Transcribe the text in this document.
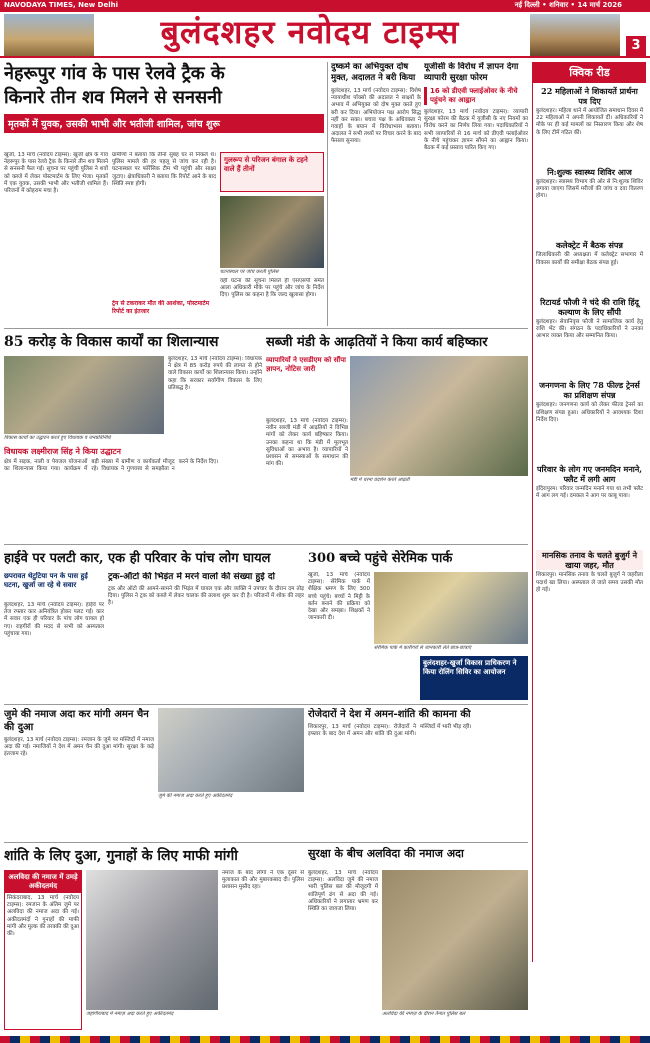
NAVODAYA TIMES, New Delhi	नई दिल्ली • शनिवार • 14 मार्च 2026
बुलंदशहर नवोदय टाइम्स	3
नेहरूपुर गांव के पास रेलवे ट्रैक के
किनारे तीन शव मिलने से सनसनी
मृतकों में युवक, उसकी भाभी और भतीजी शामिल, जांच शुरू
खुर्जा, 13 मार्च (नवोदय टाइम्स): खुर्जा क्षेत्र के गांव नेहरूपुर के पास रेलवे ट्रैक के किनारे तीन शव मिलने से सनसनी फैल गई। सूचना पर पहुंची पुलिस ने शवों को कब्जे में लेकर पोस्टमार्टम के लिए भेजा। मृतकों में एक युवक, उसकी भाभी और भतीजी शामिल हैं। परिजनों में कोहराम मचा है।
ग्रामीणों ने बताया कि तीनों सुबह घर से निकले थे। पुलिस मामले की हर पहलू से जांच कर रही है। घटनास्थल पर फॉरेंसिक टीम भी पहुंची और साक्ष्य जुटाए। क्षेत्राधिकारी ने बताया कि रिपोर्ट आने के बाद स्थिति स्पष्ट होगी।
गुलरूप से परिजन बंगाल के टहने वाले हैं तीनों
घटनास्थल पर जांच करती पुलिस
वहीं घटना की सूचना मिलते ही एसएसपी समेत आला अधिकारी मौके पर पहुंचे और जांच के निर्देश दिए। पुलिस का कहना है कि जल्द खुलासा होगा।
ट्रेन से टकराकर मौत की आशंका, पोस्टमार्टम रिपोर्ट का इंतजार
दुष्कर्म का अभियुक्त दोष मुक्त, अदालत ने बरी किया
बुलंदशहर, 13 मार्च (नवोदय टाइम्स): विशेष न्यायाधीश पॉक्सो की अदालत ने साक्ष्यों के अभाव में अभियुक्त को दोष मुक्त करते हुए बरी कर दिया। अभियोजन पक्ष आरोप सिद्ध नहीं कर सका। बचाव पक्ष के अधिवक्ता ने गवाहों के बयान में विरोधाभास बताया। अदालत ने सभी तथ्यों पर विचार करने के बाद फैसला सुनाया।
यूजीसी के विरोध में ज्ञापन देगा व्यापारी सुरक्षा फोरम
16 को डीएवी फ्लाईओवर के नीचे पहुंचने का आह्वान
बुलंदशहर, 13 मार्च (नवोदय टाइम्स): व्यापारी सुरक्षा फोरम की बैठक में यूजीसी के नए नियमों का विरोध करने का निर्णय लिया गया। पदाधिकारियों ने सभी व्यापारियों से 16 मार्च को डीएवी फ्लाईओवर के नीचे पहुंचकर ज्ञापन सौंपने का आह्वान किया। बैठक में कई प्रस्ताव पारित किए गए।
क्विक रीड
22 महिलाओं ने शिकायतें प्रार्थना पत्र दिए
बुलंदशहर। महिला थाने में आयोजित समाधान दिवस में 22 महिलाओं ने अपनी शिकायतें दीं। अधिकारियों ने मौके पर ही कई मामलों का निस्तारण किया और शेष के लिए टीमें गठित कीं।
नि:शुल्क स्वास्थ्य शिविर आज
बुलंदशहर। स्वास्थ्य विभाग की ओर से नि:शुल्क शिविर लगाया जाएगा जिसमें मरीजों की जांच व दवा वितरण होगा।
कलेक्ट्रेट में बैठक संपन्न
जिलाधिकारी की अध्यक्षता में कलेक्ट्रेट सभागार में विकास कार्यों की समीक्षा बैठक संपन्न हुई।
रिटायर्ड फौजी ने चंदे की राशि हिंदू कल्याण के लिए सौंपी
बुलंदशहर। सेवानिवृत्त फौजी ने सामाजिक कार्य हेतु राशि भेंट की। संगठन के पदाधिकारियों ने उनका आभार व्यक्त किया और सम्मानित किया।
जनगणना के लिए 78 फील्ड ट्रेनर्स का प्रशिक्षण संपन्न
बुलंदशहर। जनगणना कार्य को लेकर फील्ड ट्रेनर्स का प्रशिक्षण संपन्न हुआ। अधिकारियों ने आवश्यक दिशा निर्देश दिए।
परिवार के लोग गए जनमदिन मनाने, फ्लैट में लगी आग
इंदिरापुरम। परिवार जन्मदिन मनाने गया था तभी फ्लैट में आग लग गई। दमकल ने आग पर काबू पाया।
मानसिक तनाव के चलते बुजुर्ग ने खाया जहर, मौत
शिकारपुर। मानसिक तनाव के चलते बुजुर्ग ने जहरीला पदार्थ खा लिया। अस्पताल ले जाते समय उसकी मौत हो गई।
85 करोड़ के विकास कार्यों का शिलान्यास	सब्जी मंडी के आढ़तियों ने किया कार्य बहिष्कार
विकास कार्यों का उद्घाटन करते हुए विधायक व जनप्रतिनिधि
बुलंदशहर, 13 मार्च (नवोदय टाइम्स): विधायक ने क्षेत्र में 85 करोड़ रुपये की लागत से होने वाले विकास कार्यों का शिलान्यास किया। उन्होंने कहा कि सरकार सर्वांगीण विकास के लिए प्रतिबद्ध है।
विधायक लक्ष्मीराज सिंह ने किया उद्घाटन
क्षेत्र में सड़क, नाली व पेयजल योजनाओं का शिलान्यास किया गया। कार्यक्रम में बड़ी संख्या में ग्रामीण व कार्यकर्ता मौजूद रहे। विधायक ने गुणवत्ता से समझौता न करने के निर्देश दिए।
व्यापारियों ने एसडीएम को सौंपा ज्ञापन, नोटिस जारी
मंडी में धरना प्रदर्शन करते आढ़ती
बुलंदशहर, 13 मार्च (नवोदय टाइम्स): नवीन सब्जी मंडी में आढ़तियों ने विभिन्न मांगों को लेकर कार्य बहिष्कार किया। उनका कहना था कि मंडी में मूलभूत सुविधाओं का अभाव है। व्यापारियों ने प्रशासन से समस्याओं के समाधान की मांग की।
हाईवे पर पलटी कार, एक ही परिवार के पांच लोग घायल	300 बच्चे पहुंचे सेरेमिक पार्क
छपरावत थेटुटिया पन के पास हुई घटना, खुर्जा जा रहे थे सवार
बुलंदशहर, 13 मार्च (नवोदय टाइम्स): हाईवे पर तेज रफ्तार कार अनियंत्रित होकर पलट गई। कार में सवार एक ही परिवार के पांच लोग घायल हो गए। राहगीरों की मदद से सभी को अस्पताल पहुंचाया गया।
ट्रक-ऑटो की भिड़ंत में मरने वालों की संख्या हुई दो
ट्रक और ऑटो की आमने-सामने की भिड़ंत में घायल एक और व्यक्ति ने उपचार के दौरान दम तोड़ दिया। पुलिस ने ट्रक को कब्जे में लेकर चालक की तलाश शुरू कर दी है। परिजनों में शोक की लहर है।
खुर्जा, 13 मार्च (नवोदय टाइम्स): सेरेमिक पार्क में शैक्षिक भ्रमण के लिए 300 बच्चे पहुंचे। बच्चों ने मिट्टी के बर्तन बनाने की प्रक्रिया को देखा और समझा। शिक्षकों ने जानकारी दी।
सेरेमिक पार्क में कारीगरों से जानकारी लेते छात्र-छात्राएं
बुलंदशहर-खुर्जा विकास प्राधिकरण ने किया रोलिंग सिविर का आयोजन
जुमे की नमाज अदा कर मांगी अमन चैन की दुआ
बुलंदशहर, 13 मार्च (नवोदय टाइम्स): रमजान के जुमे पर मस्जिदों में नमाज अदा की गई। नमाजियों ने देश में अमन चैन की दुआ मांगी। सुरक्षा के कड़े इंतजाम रहे।
जुमे की नमाज अदा करते हुए अकीदतमंद
रोजेदारों ने देश में अमन-शांति की कामना की
शिकारपुर, 13 मार्च (नवोदय टाइम्स): रोजेदारों ने इफ्तार के बाद देश में अमन और शांति की दुआ मांगी। मस्जिदों में भारी भीड़ रही।
शांति के लिए दुआ, गुनाहों के लिए माफी मांगी	सुरक्षा के बीच अलविदा की नमाज अदा
अलविदा की नमाज में उमड़े अकीदतमंद
सिकंदराबाद, 13 मार्च (नवोदय टाइम्स): रमजान के अंतिम जुमे पर अलविदा की नमाज अदा की गई। अकीदतमंदों ने गुनाहों की माफी मांगी और मुल्क की तरक्की की दुआ की।
जहांगीराबाद में नमाज़ अदा करते हुए अकीदतमंद
नमाज के बाद लोगों ने एक दूसरे से मुलाकात की और मुबारकबाद दी। पुलिस प्रशासन मुस्तैद रहा।
बुलंदशहर, 13 मार्च (नवोदय टाइम्स): अलविदा जुमे की नमाज भारी पुलिस बल की मौजूदगी में शांतिपूर्ण ढंग से अदा की गई। अधिकारियों ने लगातार भ्रमण कर स्थिति का जायजा लिया।
अलविदा की नमाज़ के दौरान तैनात पुलिस बल
